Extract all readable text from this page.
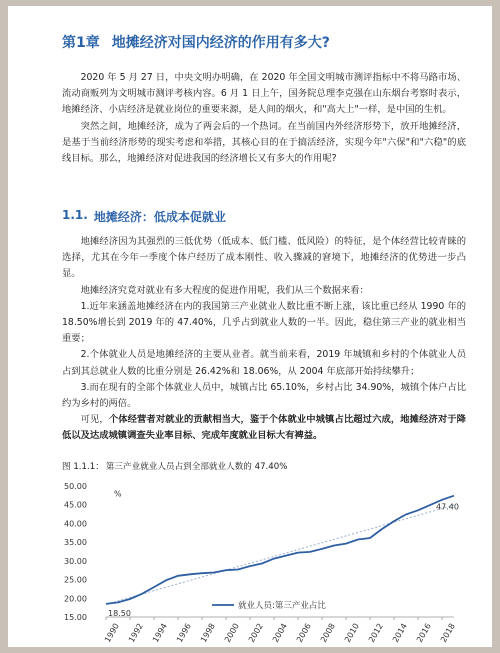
第1章 地摊经济对国内经济的作用有多大?

2020 年 5 月 27 日，中央文明办明确，在 2020 年全国文明城市测评指标中不将马路市场、流动商贩列为文明城市测评考核内容。6 月 1 日上午，国务院总理李克强在山东烟台考察时表示，地摊经济、小店经济是就业岗位的重要来源，是人间的烟火，和"高大上"一样，是中国的生机。

突然之间，地摊经济，成为了两会后的一个热词。在当前国内外经济形势下，放开地摊经济，是基于当前经济形势的现实考虑和举措，其核心目的在于搞活经济，实现今年"六保"和"六稳"的底线目标。那么，地摊经济对促进我国的经济增长又有多大的作用呢?

1.1. 地摊经济：低成本促就业

地摊经济因为其强烈的三低优势（低成本、低门槛、低风险）的特征，是个体经营比较青睐的选择，尤其在今年一季度个体户经历了成本刚性、收入骤减的窘境下，地摊经济的优势进一步凸显。

地摊经济究竟对就业有多大程度的促进作用呢，我们从三个数据来看：

1.近年来涵盖地摊经济在内的我国第三产业就业人数比重不断上涨，该比重已经从 1990 年的 18.50%增长到 2019 年的 47.40%，几乎占到就业人数的一半。因此，稳住第三产业的就业相当重要；

2.个体就业人员是地摊经济的主要从业者。就当前来看，2019 年城镇和乡村的个体就业人员占到其总就业人数的比重分别是 26.42%和 18.06%，从 2004 年底部开始持续攀升；

3.而在现有的全部个体就业人员中，城镇占比 65.10%，乡村占比 34.90%，城镇个体户占比约为乡村的两倍。

可见，个体经营者对就业的贡献相当大，鉴于个体就业中城镇占比超过六成，地摊经济对于降低以及达成城镇调查失业率目标、完成年度就业目标大有裨益。

图 1.1.1： 第三产业就业人员占到全部就业人数的 47.40%
15.00
20.00
25.00
30.00
35.00
40.00
45.00
50.00
%
1990 1992 1994 1996 1998 2000 2002 2004 2006 2008 2010 2012 2014 2016 2018
18.50
47.40
就业人员:第三产业占比
